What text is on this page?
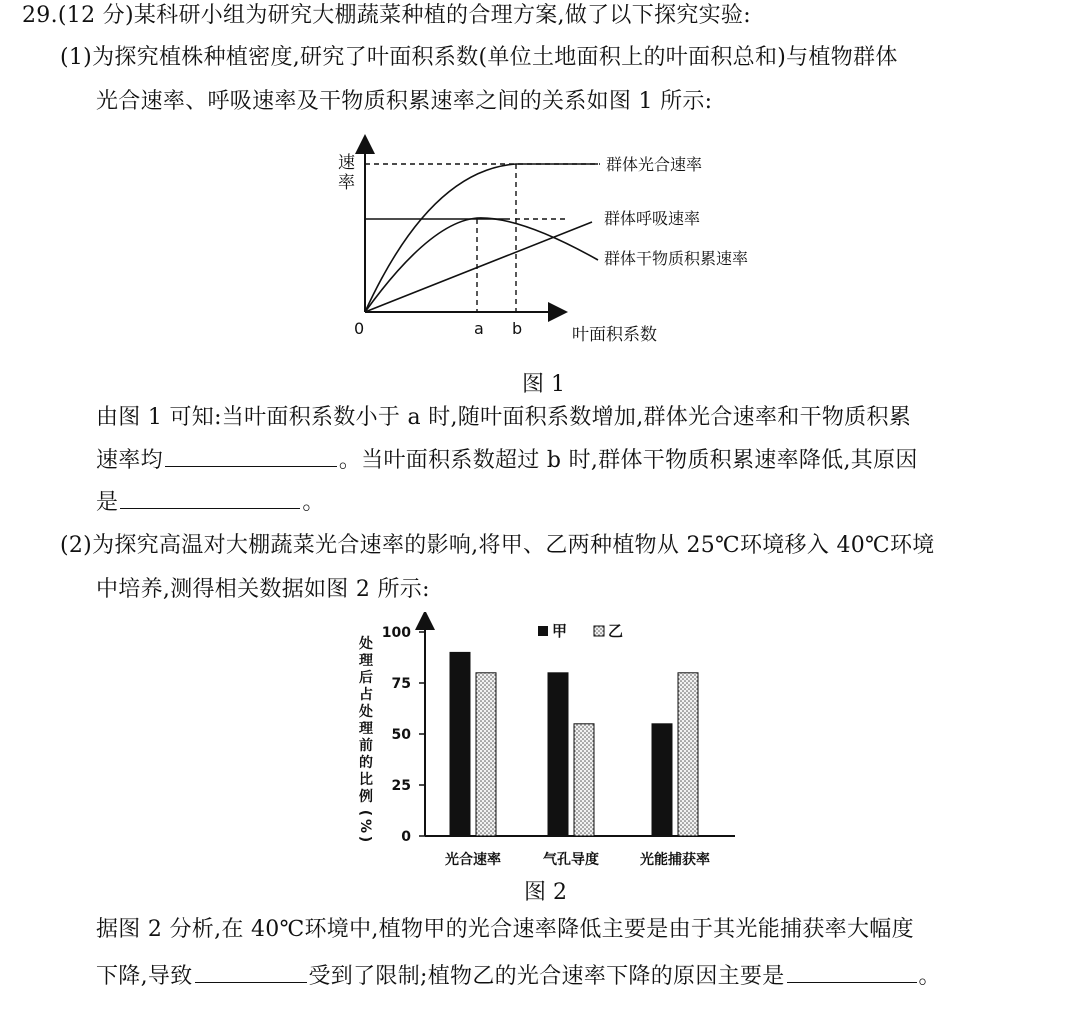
29.(12 分)某科研小组为研究大棚蔬菜种植的合理方案,做了以下探究实验:
(1)为探究植株种植密度,研究了叶面积系数(单位土地面积上的叶面积总和)与植物群体
光合速率、呼吸速率及干物质积累速率之间的关系如图 1 所示:
速
率
0	a b	叶面积系数
群体光合速率
群体呼吸速率
群体干物质积累速率
图 1
由图 1 可知:当叶面积系数小于 a 时,随叶面积系数增加,群体光合速率和干物质积累
速率均	。当叶面积系数超过 b 时,群体干物质积累速率降低,其原因
是	。
(2)为探究高温对大棚蔬菜光合速率的影响,将甲、乙两种植物从 25℃环境移入 40℃环境
中培养,测得相关数据如图 2 所示:
0
25
50
75
100
处
理
后
占
处
理
前
的
比
例
(
%
)
光合速率	气孔导度	光能捕获率
甲	乙
图 2
据图 2 分析,在 40℃环境中,植物甲的光合速率降低主要是由于其光能捕获率大幅度
下降,导致	受到了限制;植物乙的光合速率下降的原因主要是	。
